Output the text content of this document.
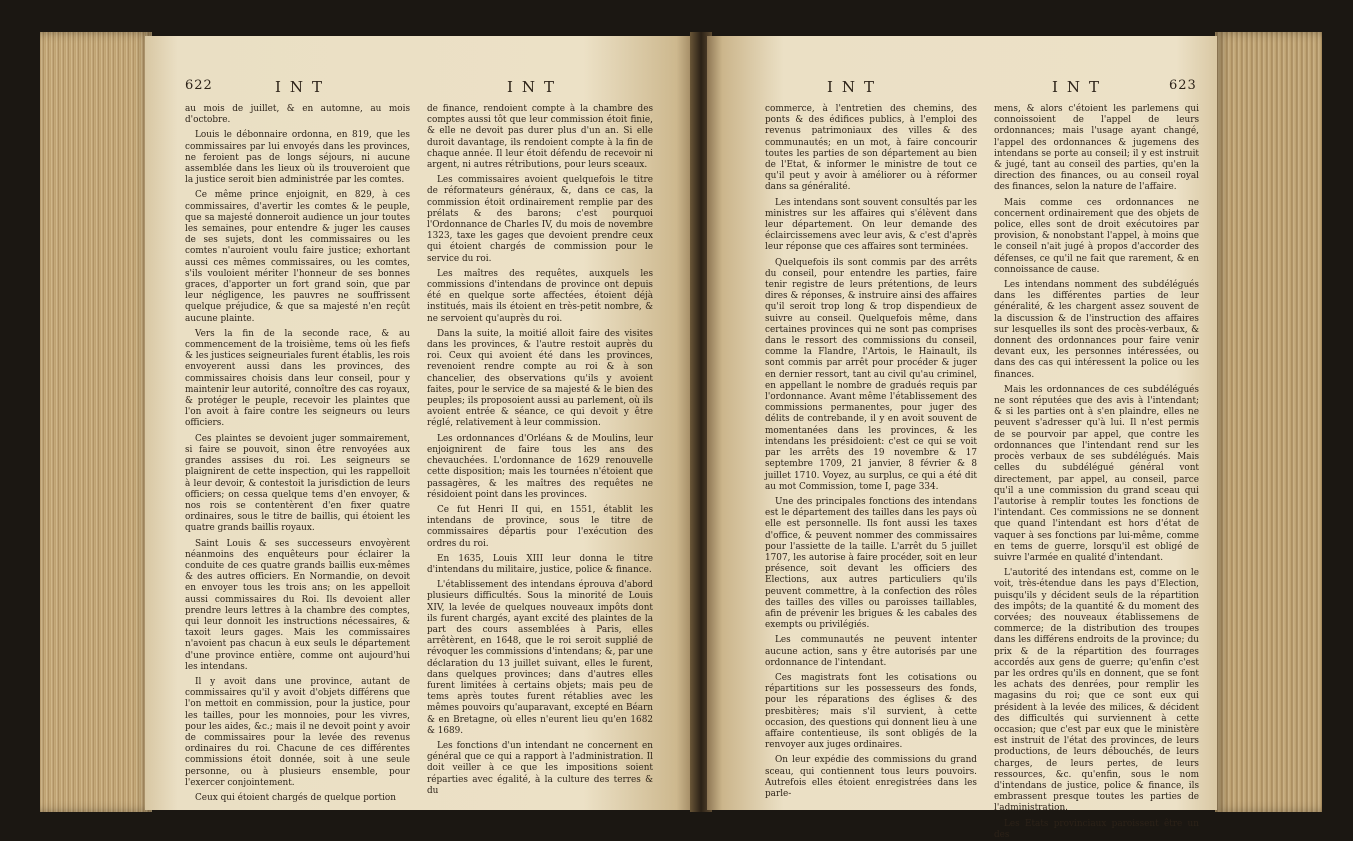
622	INT	INT

au mois de juillet, & en automne, au mois d'octobre.

Louis le débonnaire ordonna, en 819, que les commissaires par lui envoyés dans les provinces, ne feroient pas de longs séjours, ni aucune assemblée dans les lieux où ils trouveroient que la justice seroit bien administrée par les comtes.

Ce même prince enjoignit, en 829, à ces commissaires, d'avertir les comtes & le peuple, que sa majesté donneroit audience un jour toutes les semaines, pour entendre & juger les causes de ses sujets, dont les commissaires ou les comtes n'auroient voulu faire justice; exhortant aussi ces mêmes commissaires, ou les comtes, s'ils vouloient mériter l'honneur de ses bonnes graces, d'apporter un fort grand soin, que par leur négligence, les pauvres ne souffrissent quelque préjudice, & que sa majesté n'en reçût aucune plainte.

Vers la fin de la seconde race, & au commencement de la troisième, tems où les fiefs & les justices seigneuriales furent établis, les rois envoyerent aussi dans les provinces, des commissaires choisis dans leur conseil, pour y maintenir leur autorité, connoître des cas royaux, & protéger le peuple, recevoir les plaintes que l'on avoit à faire contre les seigneurs ou leurs officiers.

Ces plaintes se devoient juger sommairement, si faire se pouvoit, sinon être renvoyées aux grandes assises du roi. Les seigneurs se plaignirent de cette inspection, qui les rappelloit à leur devoir, & contestoit la jurisdiction de leurs officiers; on cessa quelque tems d'en envoyer, & nos rois se contentèrent d'en fixer quatre ordinaires, sous le titre de baillis, qui étoient les quatre grands baillis royaux.

Saint Louis & ses successeurs envoyèrent néanmoins des enquêteurs pour éclairer la conduite de ces quatre grands baillis eux-mêmes & des autres officiers. En Normandie, on devoit en envoyer tous les trois ans; on les appelloit aussi commissaires du Roi. Ils devoient aller prendre leurs lettres à la chambre des comptes, qui leur donnoit les instructions nécessaires, & taxoit leurs gages. Mais les commissaires n'avoient pas chacun à eux seuls le département d'une province entière, comme ont aujourd'hui les intendans.

Il y avoit dans une province, autant de commissaires qu'il y avoit d'objets différens que l'on mettoit en commission, pour la justice, pour les tailles, pour les monnoies, pour les vivres, pour les aides, &c.; mais il ne devoit point y avoir de commissaires pour la levée des revenus ordinaires du roi. Chacune de ces différentes commissions étoit donnée, soit à une seule personne, ou à plusieurs ensemble, pour l'exercer conjointement.

Ceux qui étoient chargés de quelque portion

de finance, rendoient compte à la chambre des comptes aussi tôt que leur commission étoit finie, & elle ne devoit pas durer plus d'un an. Si elle duroit davantage, ils rendoient compte à la fin de chaque année. Il leur étoit défendu de recevoir ni argent, ni autres rétributions, pour leurs sceaux.

Les commissaires avoient quelquefois le titre de réformateurs généraux, &, dans ce cas, la commission étoit ordinairement remplie par des prélats & des barons; c'est pourquoi l'Ordonnance de Charles IV, du mois de novembre 1323, taxe les gages que devoient prendre ceux qui étoient chargés de commission pour le service du roi.

Les maîtres des requêtes, auxquels les commissions d'intendans de province ont depuis été en quelque sorte affectées, étoient déjà institués, mais ils étoient en très-petit nombre, & ne servoient qu'auprès du roi.

Dans la suite, la moitié alloit faire des visites dans les provinces, & l'autre restoit auprès du roi. Ceux qui avoient été dans les provinces, revenoient rendre compte au roi & à son chancelier, des observations qu'ils y avoient faites, pour le service de sa majesté & le bien des peuples; ils proposoient aussi au parlement, où ils avoient entrée & séance, ce qui devoit y être réglé, relativement à leur commission.

Les ordonnances d'Orléans & de Moulins, leur enjoignirent de faire tous les ans des chevauchées. L'ordonnance de 1629 renouvelle cette disposition; mais les tournées n'étoient que passagères, & les maîtres des requêtes ne résidoient point dans les provinces.

Ce fut Henri II qui, en 1551, établit les intendans de province, sous le titre de commissaires départis pour l'exécution des ordres du roi.

En 1635, Louis XIII leur donna le titre d'intendans du militaire, justice, police & finance.

L'établissement des intendans éprouva d'abord plusieurs difficultés. Sous la minorité de Louis XIV, la levée de quelques nouveaux impôts dont ils furent chargés, ayant excité des plaintes de la part des cours assemblées à Paris, elles arrêtèrent, en 1648, que le roi seroit supplié de révoquer les commissions d'intendans; &, par une déclaration du 13 juillet suivant, elles le furent, dans quelques provinces; dans d'autres elles furent limitées à certains objets; mais peu de tems après toutes furent rétablies avec les mêmes pouvoirs qu'auparavant, excepté en Béarn & en Bretagne, où elles n'eurent lieu qu'en 1682 & 1689.

Les fonctions d'un intendant ne concernent en général que ce qui a rapport à l'administration. Il doit veiller à ce que les impositions soient réparties avec égalité, à la culture des terres & du

INT	INT	623

commerce, à l'entretien des chemins, des ponts & des édifices publics, à l'emploi des revenus patrimoniaux des villes & des communautés; en un mot, à faire concourir toutes les parties de son département au bien de l'Etat, & informer le ministre de tout ce qu'il peut y avoir à améliorer ou à réformer dans sa généralité.

Les intendans sont souvent consultés par les ministres sur les affaires qui s'élèvent dans leur département. On leur demande des éclaircissemens avec leur avis, & c'est d'après leur réponse que ces affaires sont terminées.

Quelquefois ils sont commis par des arrêts du conseil, pour entendre les parties, faire tenir registre de leurs prétentions, de leurs dires & réponses, & instruire ainsi des affaires qu'il seroit trop long & trop dispendieux de suivre au conseil. Quelquefois même, dans certaines provinces qui ne sont pas comprises dans le ressort des commissions du conseil, comme la Flandre, l'Artois, le Hainault, ils sont commis par arrêt pour procéder & juger en dernier ressort, tant au civil qu'au criminel, en appellant le nombre de gradués requis par l'ordonnance. Avant même l'établissement des commissions permanentes, pour juger des délits de contrebande, il y en avoit souvent de momentanées dans les provinces, & les intendans les présidoient: c'est ce qui se voit par les arrêts des 19 novembre & 17 septembre 1709, 21 janvier, 8 février & 8 juillet 1710. Voyez, au surplus, ce qui a été dit au mot Commission, tome I, page 334.

Une des principales fonctions des intendans est le département des tailles dans les pays où elle est personnelle. Ils font aussi les taxes d'office, & peuvent nommer des commissaires pour l'assiette de la taille. L'arrêt du 5 juillet 1707, les autorise à faire procéder, soit en leur présence, soit devant les officiers des Elections, aux autres particuliers qu'ils peuvent commettre, à la confection des rôles des tailles des villes ou paroisses taillables, afin de prévenir les brigues & les cabales des exempts ou privilégiés.

Les communautés ne peuvent intenter aucune action, sans y être autorisés par une ordonnance de l'intendant.

Ces magistrats font les cotisations ou répartitions sur les possesseurs des fonds, pour les réparations des églises & des presbitères; mais s'il survient, à cette occasion, des questions qui donnent lieu à une affaire contentieuse, ils sont obligés de la renvoyer aux juges ordinaires.

On leur expédie des commissions du grand sceau, qui contiennent tous leurs pouvoirs. Autrefois elles étoient enregistrées dans les parle-

mens, & alors c'étoient les parlemens qui connoissoient de l'appel de leurs ordonnances; mais l'usage ayant changé, l'appel des ordonnances & jugemens des intendans se porte au conseil; il y est instruit & jugé, tant au conseil des parties, qu'en la direction des finances, ou au conseil royal des finances, selon la nature de l'affaire.

Mais comme ces ordonnances ne concernent ordinairement que des objets de police, elles sont de droit exécutoires par provision, & nonobstant l'appel, à moins que le conseil n'ait jugé à propos d'accorder des défenses, ce qu'il ne fait que rarement, & en connoissance de cause.

Les intendans nomment des subdélégués dans les différentes parties de leur généralité, & les chargent assez souvent de la discussion & de l'instruction des affaires sur lesquelles ils sont des procès-verbaux, & donnent des ordonnances pour faire venir devant eux, les personnes intéressées, ou dans des cas qui intéressent la police ou les finances.

Mais les ordonnances de ces subdélégués ne sont réputées que des avis à l'intendant; & si les parties ont à s'en plaindre, elles ne peuvent s'adresser qu'à lui. Il n'est permis de se pourvoir par appel, que contre les ordonnances que l'intendant rend sur les procès verbaux de ses subdélégués. Mais celles du subdélégué général vont directement, par appel, au conseil, parce qu'il a une commission du grand sceau qui l'autorise à remplir toutes les fonctions de l'intendant. Ces commissions ne se donnent que quand l'intendant est hors d'état de vaquer à ses fonctions par lui-même, comme en tems de guerre, lorsqu'il est obligé de suivre l'armée en qualité d'intendant.

L'autorité des intendans est, comme on le voit, très-étendue dans les pays d'Election, puisqu'ils y décident seuls de la répartition des impôts; de la quantité & du moment des corvées; des nouveaux établissemens de commerce; de la distribution des troupes dans les différens endroits de la province; du prix & de la répartition des fourrages accordés aux gens de guerre; qu'enfin c'est par les ordres qu'ils en donnent, que se font les achats des denrées, pour remplir les magasins du roi; que ce sont eux qui président à la levée des milices, & décident des difficultés qui surviennent à cette occasion; que c'est par eux que le ministère est instruit de l'état des provinces, de leurs productions, de leurs débouchés, de leurs charges, de leurs pertes, de leurs ressources, &c. qu'enfin, sous le nom d'intendans de justice, police & finance, ils embrassent presque toutes les parties de l'administration.

Les Etats provinciaux paroissent être un des
